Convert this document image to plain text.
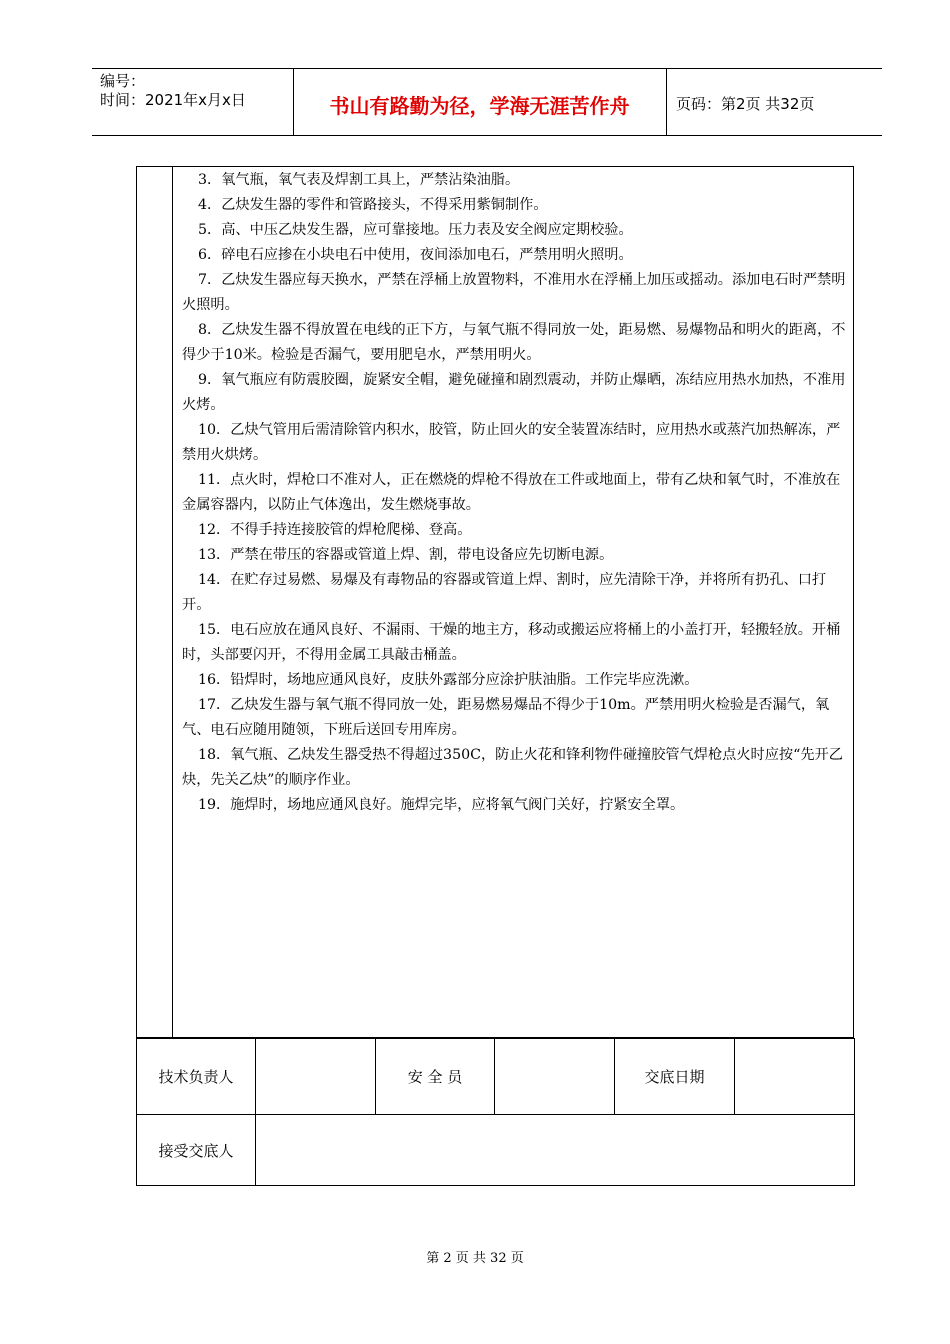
编号：
时间：2021年x月x日	书山有路勤为径，学海无涯苦作舟	页码：第2页 共32页

3．氧气瓶，氧气表及焊割工具上，严禁沾染油脂。

4．乙炔发生器的零件和管路接头，不得采用紫铜制作。

5．高、中压乙炔发生器，应可靠接地。压力表及安全阀应定期校验。

6．碎电石应掺在小块电石中使用，夜间添加电石，严禁用明火照明。

7．乙炔发生器应每天换水，严禁在浮桶上放置物料，不准用水在浮桶上加压或摇动。添加电石时严禁明火照明。

8．乙炔发生器不得放置在电线的正下方，与氧气瓶不得同放一处，距易燃、易爆物品和明火的距离，不得少于10米。检验是否漏气，要用肥皂水，严禁用明火。

9．氧气瓶应有防震胶圈，旋紧安全帽，避免碰撞和剧烈震动，并防止爆晒，冻结应用热水加热，不准用火烤。

10．乙炔气管用后需清除管内积水，胶管，防止回火的安全装置冻结时，应用热水或蒸汽加热解冻，严禁用火烘烤。

11．点火时，焊枪口不准对人，正在燃烧的焊枪不得放在工件或地面上，带有乙炔和氧气时，不准放在金属容器内，以防止气体逸出，发生燃烧事故。

12．不得手持连接胶管的焊枪爬梯、登高。

13．严禁在带压的容器或管道上焊、割，带电设备应先切断电源。

14．在贮存过易燃、易爆及有毒物品的容器或管道上焊、割时，应先清除干净，并将所有扔孔、口打开。

15．电石应放在通风良好、不漏雨、干燥的地主方，移动或搬运应将桶上的小盖打开，轻搬轻放。开桶时，头部要闪开，不得用金属工具敲击桶盖。

16．铅焊时，场地应通风良好，皮肤外露部分应涂护肤油脂。工作完毕应洗漱。

17．乙炔发生器与氧气瓶不得同放一处，距易燃易爆品不得少于10m。严禁用明火检验是否漏气，氧气、电石应随用随领，下班后送回专用库房。

18．氧气瓶、乙炔发生器受热不得超过350C，防止火花和锋利物件碰撞胶管气焊枪点火时应按“先开乙炔，先关乙炔”的顺序作业。

19．施焊时，场地应通风良好。施焊完毕，应将氧气阀门关好，拧紧安全罩。

技术负责人		安 全 员		交底日期	
接受交底人					
第 2 页 共 32 页
